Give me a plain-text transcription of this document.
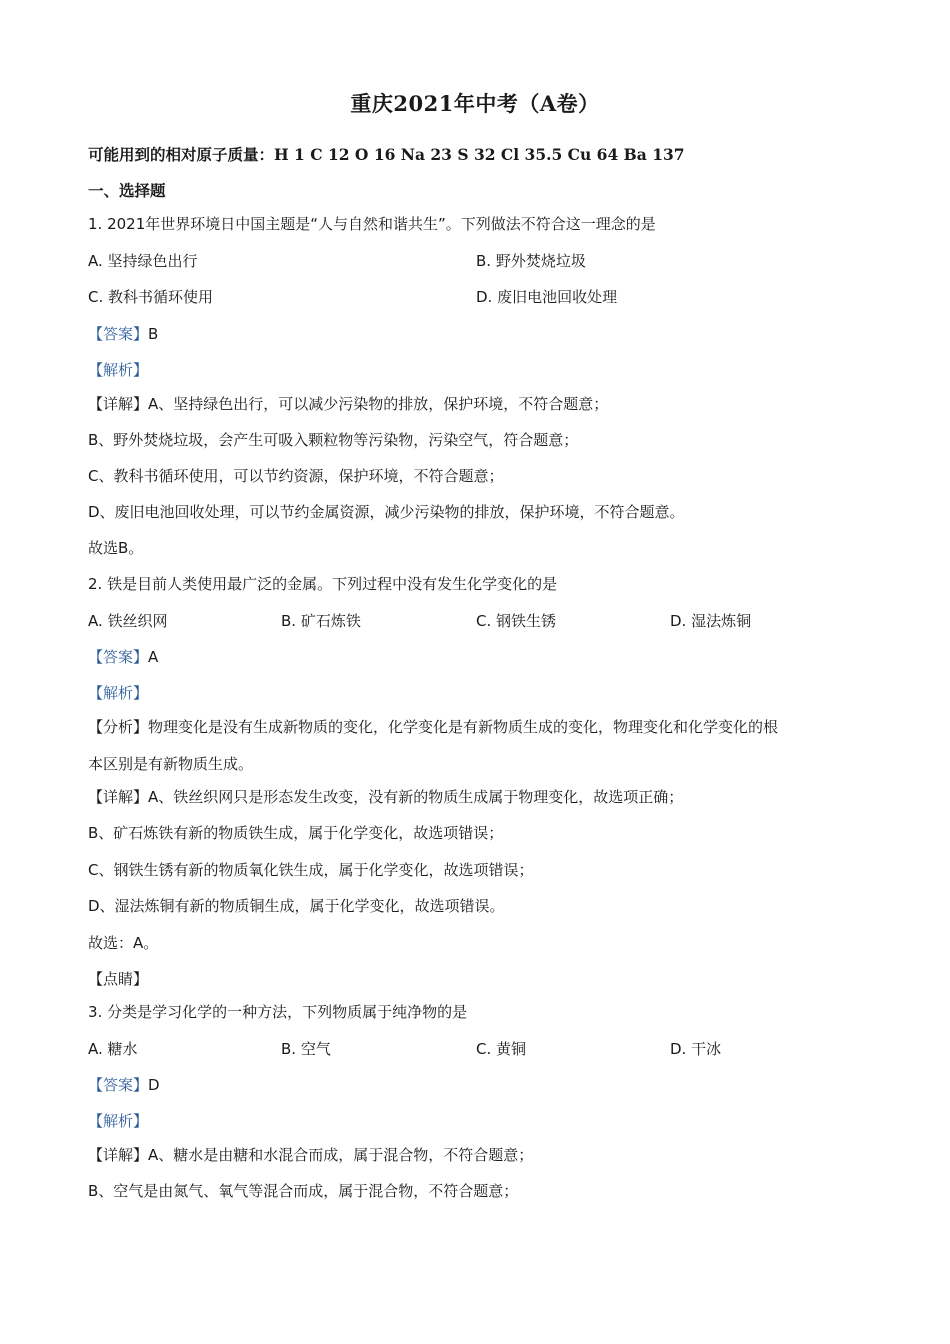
重庆2021年中考（A卷）
可能用到的相对原子质量：H 1 C 12 O 16 Na 23 S 32 Cl 35.5 Cu 64 Ba 137
一、选择题
1. 2021年世界环境日中国主题是“人与自然和谐共生”。下列做法不符合这一理念的是
A. 坚持绿色出行	B. 野外焚烧垃圾
C. 教科书循环使用	D. 废旧电池回收处理
【答案】B
【解析】
【详解】A、坚持绿色出行，可以减少污染物的排放，保护环境，不符合题意；
B、野外焚烧垃圾，会产生可吸入颗粒物等污染物，污染空气，符合题意；
C、教科书循环使用，可以节约资源，保护环境，不符合题意；
D、废旧电池回收处理，可以节约金属资源，减少污染物的排放，保护环境，不符合题意。
故选B。
2. 铁是目前人类使用最广泛的金属。下列过程中没有发生化学变化的是
A. 铁丝织网	B. 矿石炼铁	C. 钢铁生锈	D. 湿法炼铜
【答案】A
【解析】
【分析】物理变化是没有生成新物质的变化，化学变化是有新物质生成的变化，物理变化和化学变化的根
本区别是有新物质生成。
【详解】A、铁丝织网只是形态发生改变，没有新的物质生成属于物理变化，故选项正确；
B、矿石炼铁有新的物质铁生成，属于化学变化，故选项错误；
C、钢铁生锈有新的物质氧化铁生成，属于化学变化，故选项错误；
D、湿法炼铜有新的物质铜生成，属于化学变化，故选项错误。
故选：A。
【点睛】
3. 分类是学习化学的一种方法，下列物质属于纯净物的是
A. 糖水	B. 空气	C. 黄铜	D. 干冰
【答案】D
【解析】
【详解】A、糖水是由糖和水混合而成，属于混合物，不符合题意；
B、空气是由氮气、氧气等混合而成，属于混合物，不符合题意；
